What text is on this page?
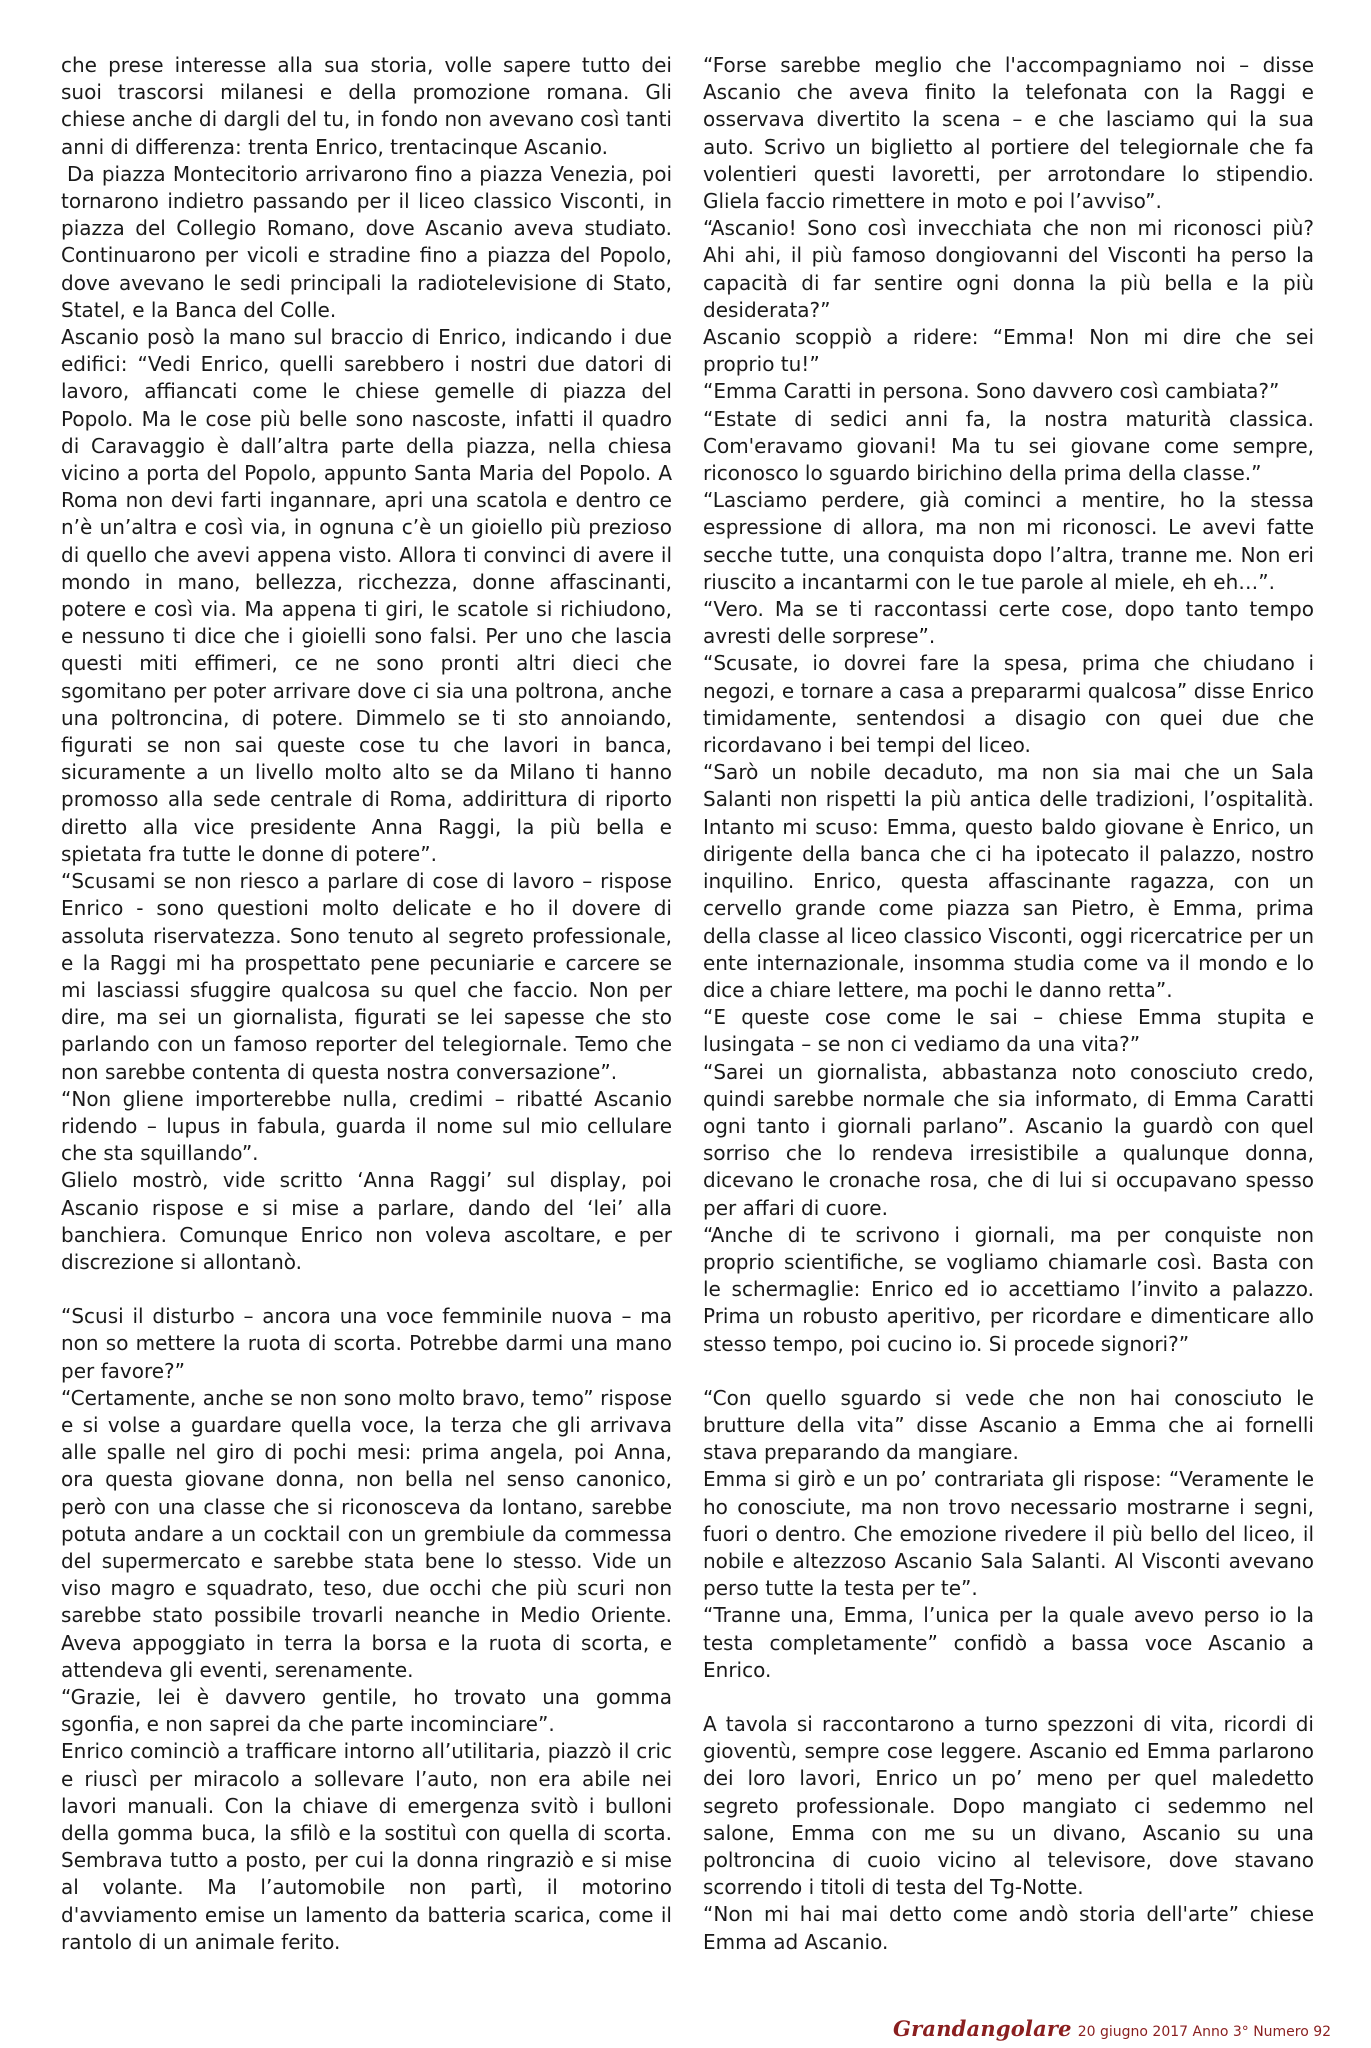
che prese interesse alla sua storia, volle sapere tutto dei suoi trascorsi milanesi e della promozione romana. Gli chiese anche di dargli del tu, in fondo non avevano così tanti anni di differenza: trenta Enrico, trentacinque Ascanio.

Da piazza Montecitorio arrivarono fino a piazza Venezia, poi tornarono indietro passando per il liceo classico Visconti, in piazza del Collegio Romano, dove Ascanio aveva studiato. Continuarono per vicoli e stradine fino a piazza del Popolo, dove avevano le sedi principali la radiotelevisione di Stato, Statel, e la Banca del Colle.

Ascanio posò la mano sul braccio di Enrico, indicando i due edifici: “Vedi Enrico, quelli sarebbero i nostri due datori di lavoro, affiancati come le chiese gemelle di piazza del Popolo. Ma le cose più belle sono nascoste, infatti il quadro di Caravaggio è dall’altra parte della piazza, nella chiesa vicino a porta del Popolo, appunto Santa Maria del Popolo. A Roma non devi farti ingannare, apri una scatola e dentro ce n’è un’altra e così via, in ognuna c’è un gioiello più prezioso di quello che avevi appena visto. Allora ti convinci di avere il mondo in mano, bellezza, ricchezza, donne affascinanti, potere e così via. Ma appena ti giri, le scatole si richiudono, e nessuno ti dice che i gioielli sono falsi. Per uno che lascia questi miti effimeri, ce ne sono pronti altri dieci che sgomitano per poter arrivare dove ci sia una poltrona, anche una poltroncina, di potere. Dimmelo se ti sto annoiando, figurati se non sai queste cose tu che lavori in banca, sicuramente a un livello molto alto se da Milano ti hanno promosso alla sede centrale di Roma, addirittura di riporto diretto alla vice presidente Anna Raggi, la più bella e spietata fra tutte le donne di potere”.

“Scusami se non riesco a parlare di cose di lavoro – rispose Enrico - sono questioni molto delicate e ho il dovere di assoluta riservatezza. Sono tenuto al segreto professionale, e la Raggi mi ha prospettato pene pecuniarie e carcere se mi lasciassi sfuggire qualcosa su quel che faccio. Non per dire, ma sei un giornalista, figurati se lei sapesse che sto parlando con un famoso reporter del telegiornale. Temo che non sarebbe contenta di questa nostra conversazione”.

“Non gliene importerebbe nulla, credimi – ribatté Ascanio ridendo – lupus in fabula, guarda il nome sul mio cellulare che sta squillando”.

Glielo mostrò, vide scritto ‘Anna Raggi’ sul display, poi Ascanio rispose e si mise a parlare, dando del ‘lei’ alla banchiera. Comunque Enrico non voleva ascoltare, e per discrezione si allontanò.

“Scusi il disturbo – ancora una voce femminile nuova – ma non so mettere la ruota di scorta. Potrebbe darmi una mano per favore?”

“Certamente, anche se non sono molto bravo, temo” rispose e si volse a guardare quella voce, la terza che gli arrivava alle spalle nel giro di pochi mesi: prima angela, poi Anna, ora questa giovane donna, non bella nel senso canonico, però con una classe che si riconosceva da lontano, sarebbe potuta andare a un cocktail con un grembiule da commessa del supermercato e sarebbe stata bene lo stesso. Vide un viso magro e squadrato, teso, due occhi che più scuri non sarebbe stato possibile trovarli neanche in Medio Oriente. Aveva appoggiato in terra la borsa e la ruota di scorta, e attendeva gli eventi, serenamente.

“Grazie, lei è davvero gentile, ho trovato una gomma sgonfia, e non saprei da che parte incominciare”.

Enrico cominciò a trafficare intorno all’utilitaria, piazzò il cric e riuscì per miracolo a sollevare l’auto, non era abile nei lavori manuali. Con la chiave di emergenza svitò i bulloni della gomma buca, la sfilò e la sostituì con quella di scorta. Sembrava tutto a posto, per cui la donna ringraziò e si mise al volante. Ma l’automobile non partì, il motorino d'avviamento emise un lamento da batteria scarica, come il rantolo di un animale ferito.

“Forse sarebbe meglio che l'accompagniamo noi – disse Ascanio che aveva finito la telefonata con la Raggi e osservava divertito la scena – e che lasciamo qui la sua auto. Scrivo un biglietto al portiere del telegiornale che fa volentieri questi lavoretti, per arrotondare lo stipendio. Gliela faccio rimettere in moto e poi l’avviso”.

“Ascanio! Sono così invecchiata che non mi riconosci più? Ahi ahi, il più famoso dongiovanni del Visconti ha perso la capacità di far sentire ogni donna la più bella e la più desiderata?”

Ascanio scoppiò a ridere: “Emma! Non mi dire che sei proprio tu!”

“Emma Caratti in persona. Sono davvero così cambiata?”

“Estate di sedici anni fa, la nostra maturità classica. Com'eravamo giovani! Ma tu sei giovane come sempre, riconosco lo sguardo birichino della prima della classe.”

“Lasciamo perdere, già cominci a mentire, ho la stessa espressione di allora, ma non mi riconosci. Le avevi fatte secche tutte, una conquista dopo l’altra, tranne me. Non eri riuscito a incantarmi con le tue parole al miele, eh eh…”.

“Vero. Ma se ti raccontassi certe cose, dopo tanto tempo avresti delle sorprese”.

“Scusate, io dovrei fare la spesa, prima che chiudano i negozi, e tornare a casa a prepararmi qualcosa” disse Enrico timidamente, sentendosi a disagio con quei due che ricordavano i bei tempi del liceo.

“Sarò un nobile decaduto, ma non sia mai che un Sala Salanti non rispetti la più antica delle tradizioni, l’ospitalità. Intanto mi scuso: Emma, questo baldo giovane è Enrico, un dirigente della banca che ci ha ipotecato il palazzo, nostro inquilino. Enrico, questa affascinante ragazza, con un cervello grande come piazza san Pietro, è Emma, prima della classe al liceo classico Visconti, oggi ricercatrice per un ente internazionale, insomma studia come va il mondo e lo dice a chiare lettere, ma pochi le danno retta”.

“E queste cose come le sai – chiese Emma stupita e lusingata – se non ci vediamo da una vita?”

“Sarei un giornalista, abbastanza noto conosciuto credo, quindi sarebbe normale che sia informato, di Emma Caratti ogni tanto i giornali parlano”. Ascanio la guardò con quel sorriso che lo rendeva irresistibile a qualunque donna, dicevano le cronache rosa, che di lui si occupavano spesso per affari di cuore.

“Anche di te scrivono i giornali, ma per conquiste non proprio scientifiche, se vogliamo chiamarle così. Basta con le schermaglie: Enrico ed io accettiamo l’invito a palazzo. Prima un robusto aperitivo, per ricordare e dimenticare allo stesso tempo, poi cucino io. Si procede signori?”

“Con quello sguardo si vede che non hai conosciuto le brutture della vita” disse Ascanio a Emma che ai fornelli stava preparando da mangiare.

Emma si girò e un po’ contrariata gli rispose: “Veramente le ho conosciute, ma non trovo necessario mostrarne i segni, fuori o dentro. Che emozione rivedere il più bello del liceo, il nobile e altezzoso Ascanio Sala Salanti. Al Visconti avevano perso tutte la testa per te”.

“Tranne una, Emma, l’unica per la quale avevo perso io la testa completamente” confidò a bassa voce Ascanio a Enrico.

A tavola si raccontarono a turno spezzoni di vita, ricordi di gioventù, sempre cose leggere. Ascanio ed Emma parlarono dei loro lavori, Enrico un po’ meno per quel maledetto segreto professionale. Dopo mangiato ci sedemmo nel salone, Emma con me su un divano, Ascanio su una poltroncina di cuoio vicino al televisore, dove stavano scorrendo i titoli di testa del Tg-Notte.

“Non mi hai mai detto come andò storia dell'arte” chiese Emma ad Ascanio.

Grandangolare 20 giugno 2017 Anno 3° Numero 92
